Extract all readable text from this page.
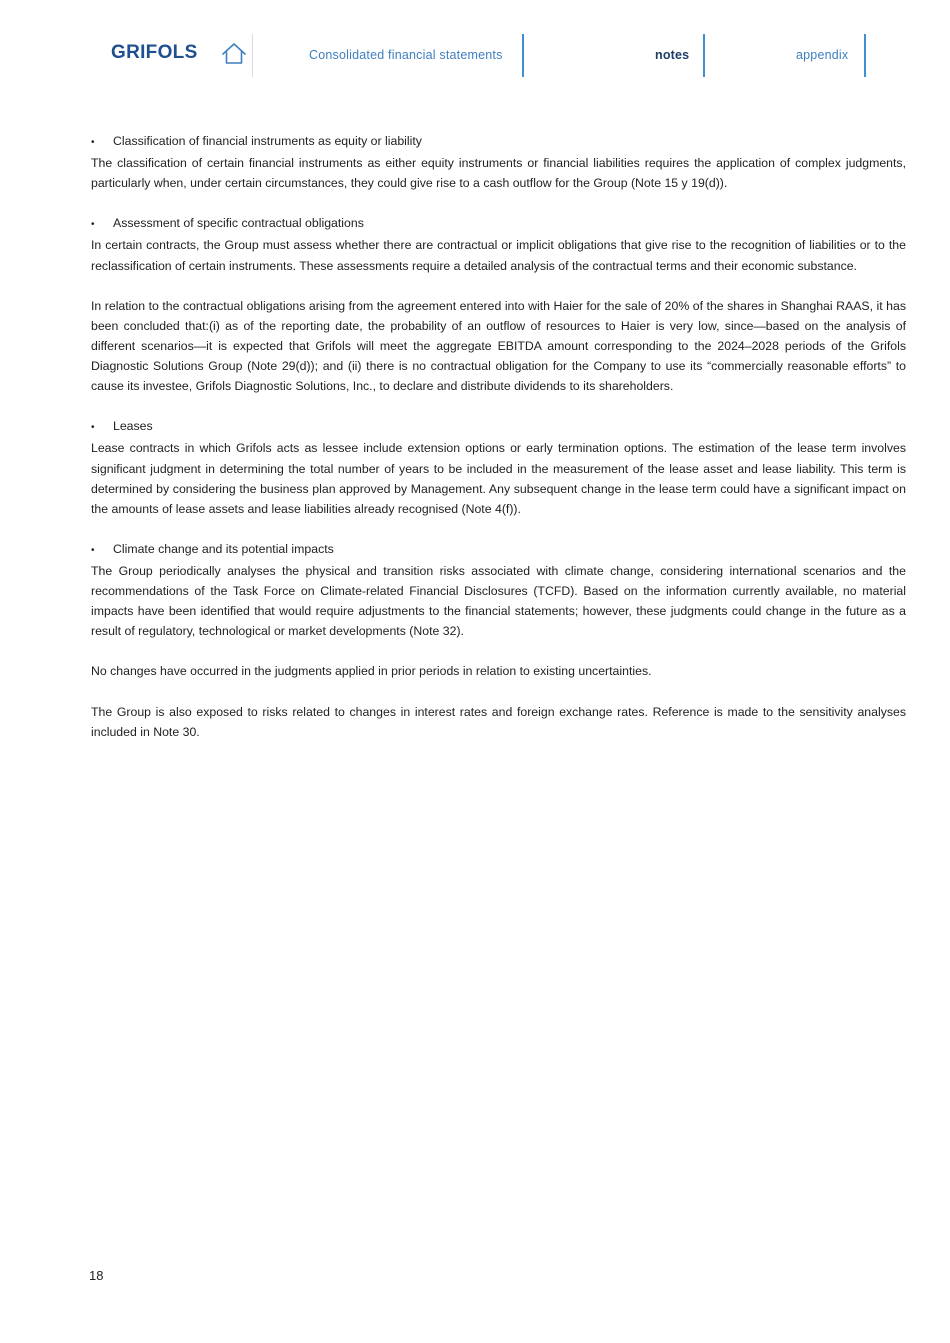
GRIFOLS	Consolidated financial statements	notes	appendix
•	Classification of financial instruments as equity or liability

The classification of certain financial instruments as either equity instruments or financial liabilities requires the application of complex judgments, particularly when, under certain circumstances, they could give rise to a cash outflow for the Group (Note 15 y 19(d)).

•	Assessment of specific contractual obligations

In certain contracts, the Group must assess whether there are contractual or implicit obligations that give rise to the recognition of liabilities or to the reclassification of certain instruments. These assessments require a detailed analysis of the contractual terms and their economic substance.

In relation to the contractual obligations arising from the agreement entered into with Haier for the sale of 20% of the shares in Shanghai RAAS, it has been concluded that:(i) as of the reporting date, the probability of an outflow of resources to Haier is very low, since—based on the analysis of different scenarios—it is expected that Grifols will meet the aggregate EBITDA amount corresponding to the 2024–2028 periods of the Grifols Diagnostic Solutions Group (Note 29(d)); and (ii) there is no contractual obligation for the Company to use its “commercially reasonable efforts” to cause its investee, Grifols Diagnostic Solutions, Inc., to declare and distribute dividends to its shareholders.

•	Leases

Lease contracts in which Grifols acts as lessee include extension options or early termination options. The estimation of the lease term involves significant judgment in determining the total number of years to be included in the measurement of the lease asset and lease liability. This term is determined by considering the business plan approved by Management. Any subsequent change in the lease term could have a significant impact on the amounts of lease assets and lease liabilities already recognised (Note 4(f)).

•	Climate change and its potential impacts

The Group periodically analyses the physical and transition risks associated with climate change, considering international scenarios and the recommendations of the Task Force on Climate-related Financial Disclosures (TCFD). Based on the information currently available, no material impacts have been identified that would require adjustments to the financial statements; however, these judgments could change in the future as a result of regulatory, technological or market developments (Note 32).

No changes have occurred in the judgments applied in prior periods in relation to existing uncertainties.

The Group is also exposed to risks related to changes in interest rates and foreign exchange rates. Reference is made to the sensitivity analyses included in Note 30.

18
